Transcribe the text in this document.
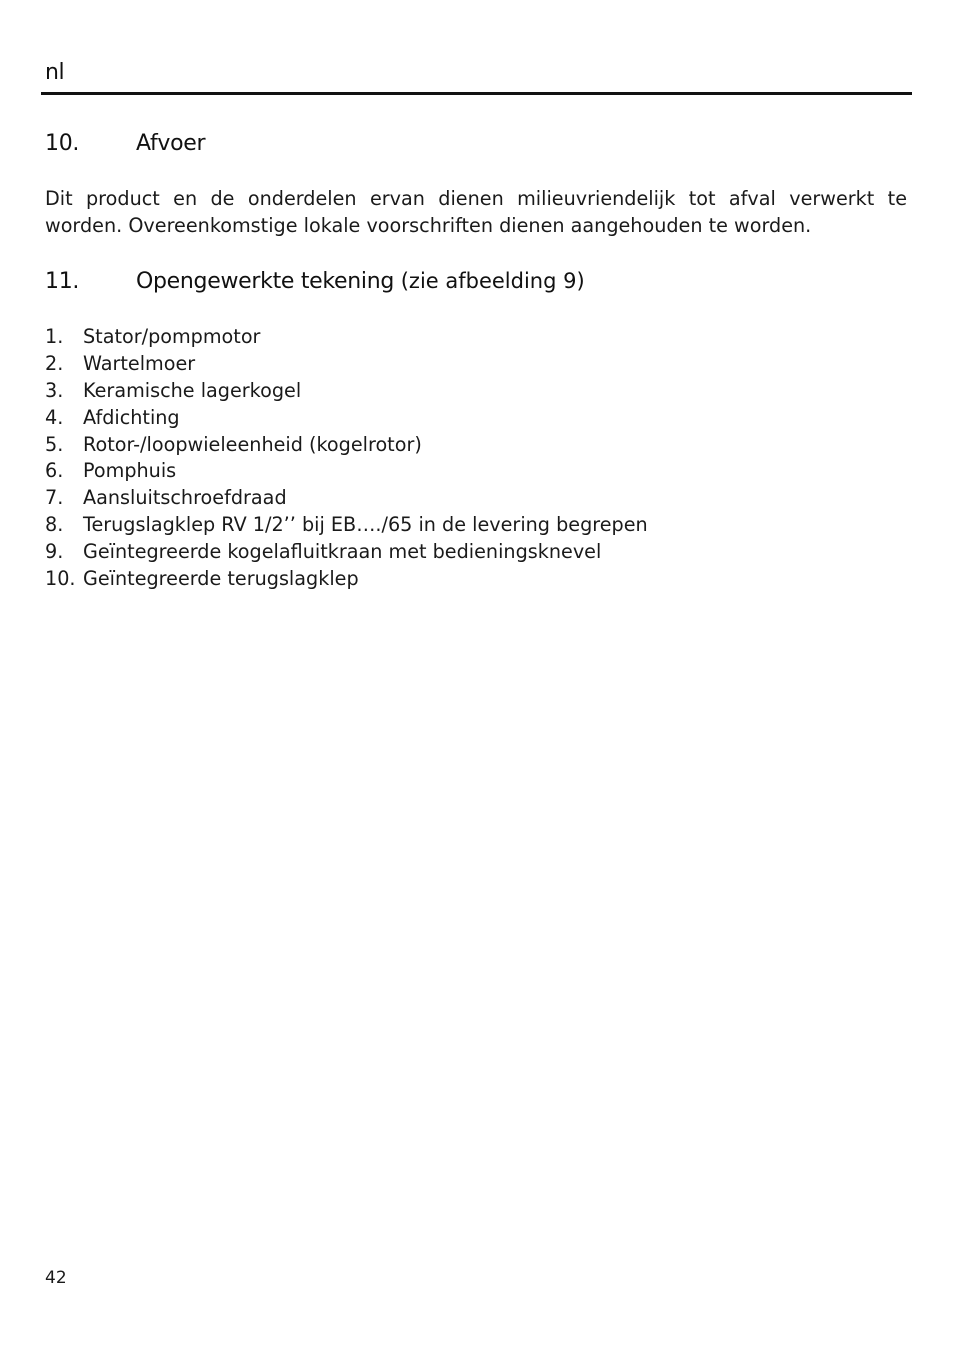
nl
10.	Afvoer

Dit product en de onderdelen ervan dienen milieuvriendelijk tot afval verwerkt te worden. Overeenkomstige lokale voorschriften dienen aangehouden te worden.

11.	Opengewerkte tekening (zie afbeelding 9)
1. Stator/pompmotor
2. Wartelmoer
3. Keramische lagerkogel
4. Afdichting
5. Rotor-/loopwieleenheid (kogelrotor)
6. Pomphuis
7. Aansluitschroefdraad
8. Terugslagklep RV 1/2’’ bij EB…./65 in de levering begrepen
9. Geïntegreerde kogelafluitkraan met bedieningsknevel
10. Geïntegreerde terugslagklep
42
